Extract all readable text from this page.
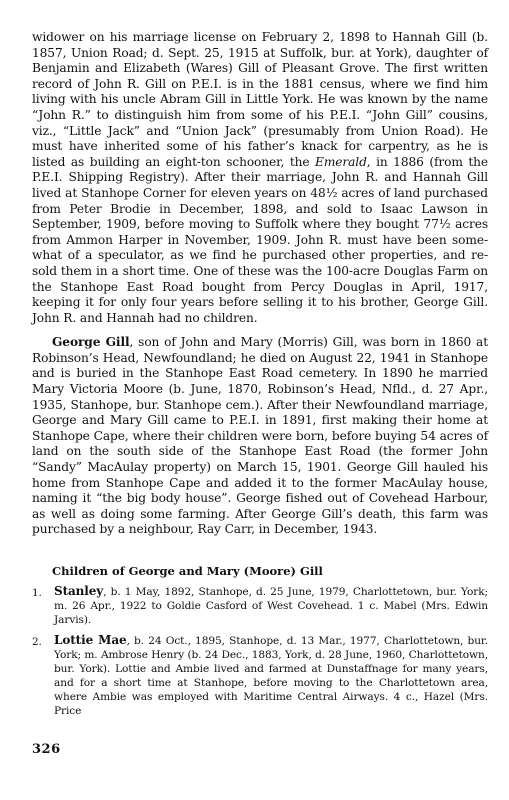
widower on his marriage license on February 2, 1898 to Hannah Gill (b. 1857, Union Road; d. Sept. 25, 1915 at Suffolk, bur. at York), daughter of Benjamin and Elizabeth (Wares) Gill of Pleasant Grove. The first written record of John R. Gill on P.E.I. is in the 1881 census, where we find him living with his uncle Abram Gill in Little York. He was known by the name “John R.” to distinguish him from some of his P.E.I. “John Gill” cousins, viz., “Little Jack” and “Union Jack” (presumably from Union Road). He must have inherited some of his father’s knack for carpentry, as he is listed as building an eight-ton schooner, the Emerald, in 1886 (from the P.E.I. Shipping Registry). After their marriage, John R. and Hannah Gill lived at Stanhope Corner for eleven years on 48½ acres of land purchased from Peter Brodie in December, 1898, and sold to Isaac Lawson in September, 1909, before moving to Suffolk where they bought 77½ acres from Ammon Harper in November, 1909. John R. must have been some-what of a speculator, as we find he purchased other properties, and re-sold them in a short time. One of these was the 100-acre Douglas Farm on the Stanhope East Road bought from Percy Douglas in April, 1917, keeping it for only four years before selling it to his brother, George Gill. John R. and Hannah had no children.

George Gill, son of John and Mary (Morris) Gill, was born in 1860 at Robinson’s Head, Newfoundland; he died on August 22, 1941 in Stanhope and is buried in the Stanhope East Road cemetery. In 1890 he married Mary Victoria Moore (b. June, 1870, Robinson’s Head, Nfld., d. 27 Apr., 1935, Stanhope, bur. Stanhope cem.). After their Newfoundland marriage, George and Mary Gill came to P.E.I. in 1891, first making their home at Stanhope Cape, where their children were born, before buying 54 acres of land on the south side of the Stanhope East Road (the former John “Sandy” MacAulay property) on March 15, 1901. George Gill hauled his home from Stanhope Cape and added it to the former MacAulay house, naming it “the big body house”. George fished out of Covehead Harbour, as well as doing some farming. After George Gill’s death, this farm was purchased by a neighbour, Ray Carr, in December, 1943.

Children of George and Mary (Moore) Gill
1. Stanley, b. 1 May, 1892, Stanhope, d. 25 June, 1979, Charlottetown, bur. York; m. 26 Apr., 1922 to Goldie Casford of West Covehead. 1 c. Mabel (Mrs. Edwin Jarvis).
2. Lottie Mae, b. 24 Oct., 1895, Stanhope, d. 13 Mar., 1977, Charlottetown, bur. York; m. Ambrose Henry (b. 24 Dec., 1883, York, d. 28 June, 1960, Charlottetown, bur. York). Lottie and Ambie lived and farmed at Dunstaffnage for many years, and for a short time at Stanhope, before moving to the Charlottetown area, where Ambie was employed with Maritime Central Airways. 4 c., Hazel (Mrs. Price
326
